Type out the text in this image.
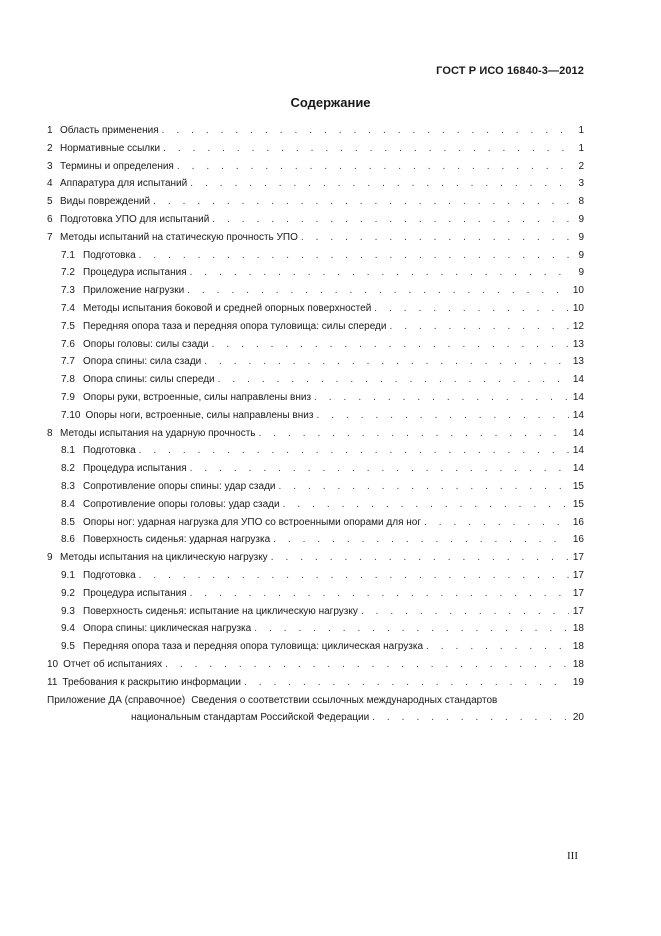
ГОСТ Р ИСО 16840-3—2012
Содержание
1 Область применения . . .	1
2 Нормативные ссылки . . .	1
3 Термины и определения . . .	2
4 Аппаратура для испытаний . . .	3
5 Виды повреждений . . .	8
6 Подготовка УПО для испытаний . . .	9
7 Методы испытаний на статическую прочность УПО . . .	9
7.1 Подготовка . . .	9
7.2 Процедура испытания . . .	9
7.3 Приложение нагрузки . . .	10
7.4 Методы испытания боковой и средней опорных поверхностей . . .	10
7.5 Передняя опора таза и передняя опора туловища: силы спереди . . .	12
7.6 Опоры головы: силы сзади . . .	13
7.7 Опора спины: сила сзади . . .	13
7.8 Опора спины: силы спереди . . .	14
7.9 Опоры руки, встроенные, силы направлены вниз . . .	14
7.10 Опоры ноги, встроенные, силы направлены вниз . . .	14
8 Методы испытания на ударную прочность . . .	14
8.1 Подготовка . . .	14
8.2 Процедура испытания . . .	14
8.3 Сопротивление опоры спины: удар сзади . . .	15
8.4 Сопротивление опоры головы: удар сзади . . .	15
8.5 Опоры ног: ударная нагрузка для УПО со встроенными опорами для ног . . .	16
8.6 Поверхность сиденья: ударная нагрузка . . .	16
9 Методы испытания на циклическую нагрузку . . .	17
9.1 Подготовка . . .	17
9.2 Процедура испытания . . .	17
9.3 Поверхность сиденья: испытание на циклическую нагрузку . . .	17
9.4 Опора спины: циклическая нагрузка . . .	18
9.5 Передняя опора таза и передняя опора туловища: циклическая нагрузка . . .	18
10 Отчет об испытаниях . . .	18
11 Требования к раскрытию информации . . .	19
Приложение ДА (справочное) Сведения о соответствии ссылочных международных стандартов
национальным стандартам Российской Федерации . . .	20
III
